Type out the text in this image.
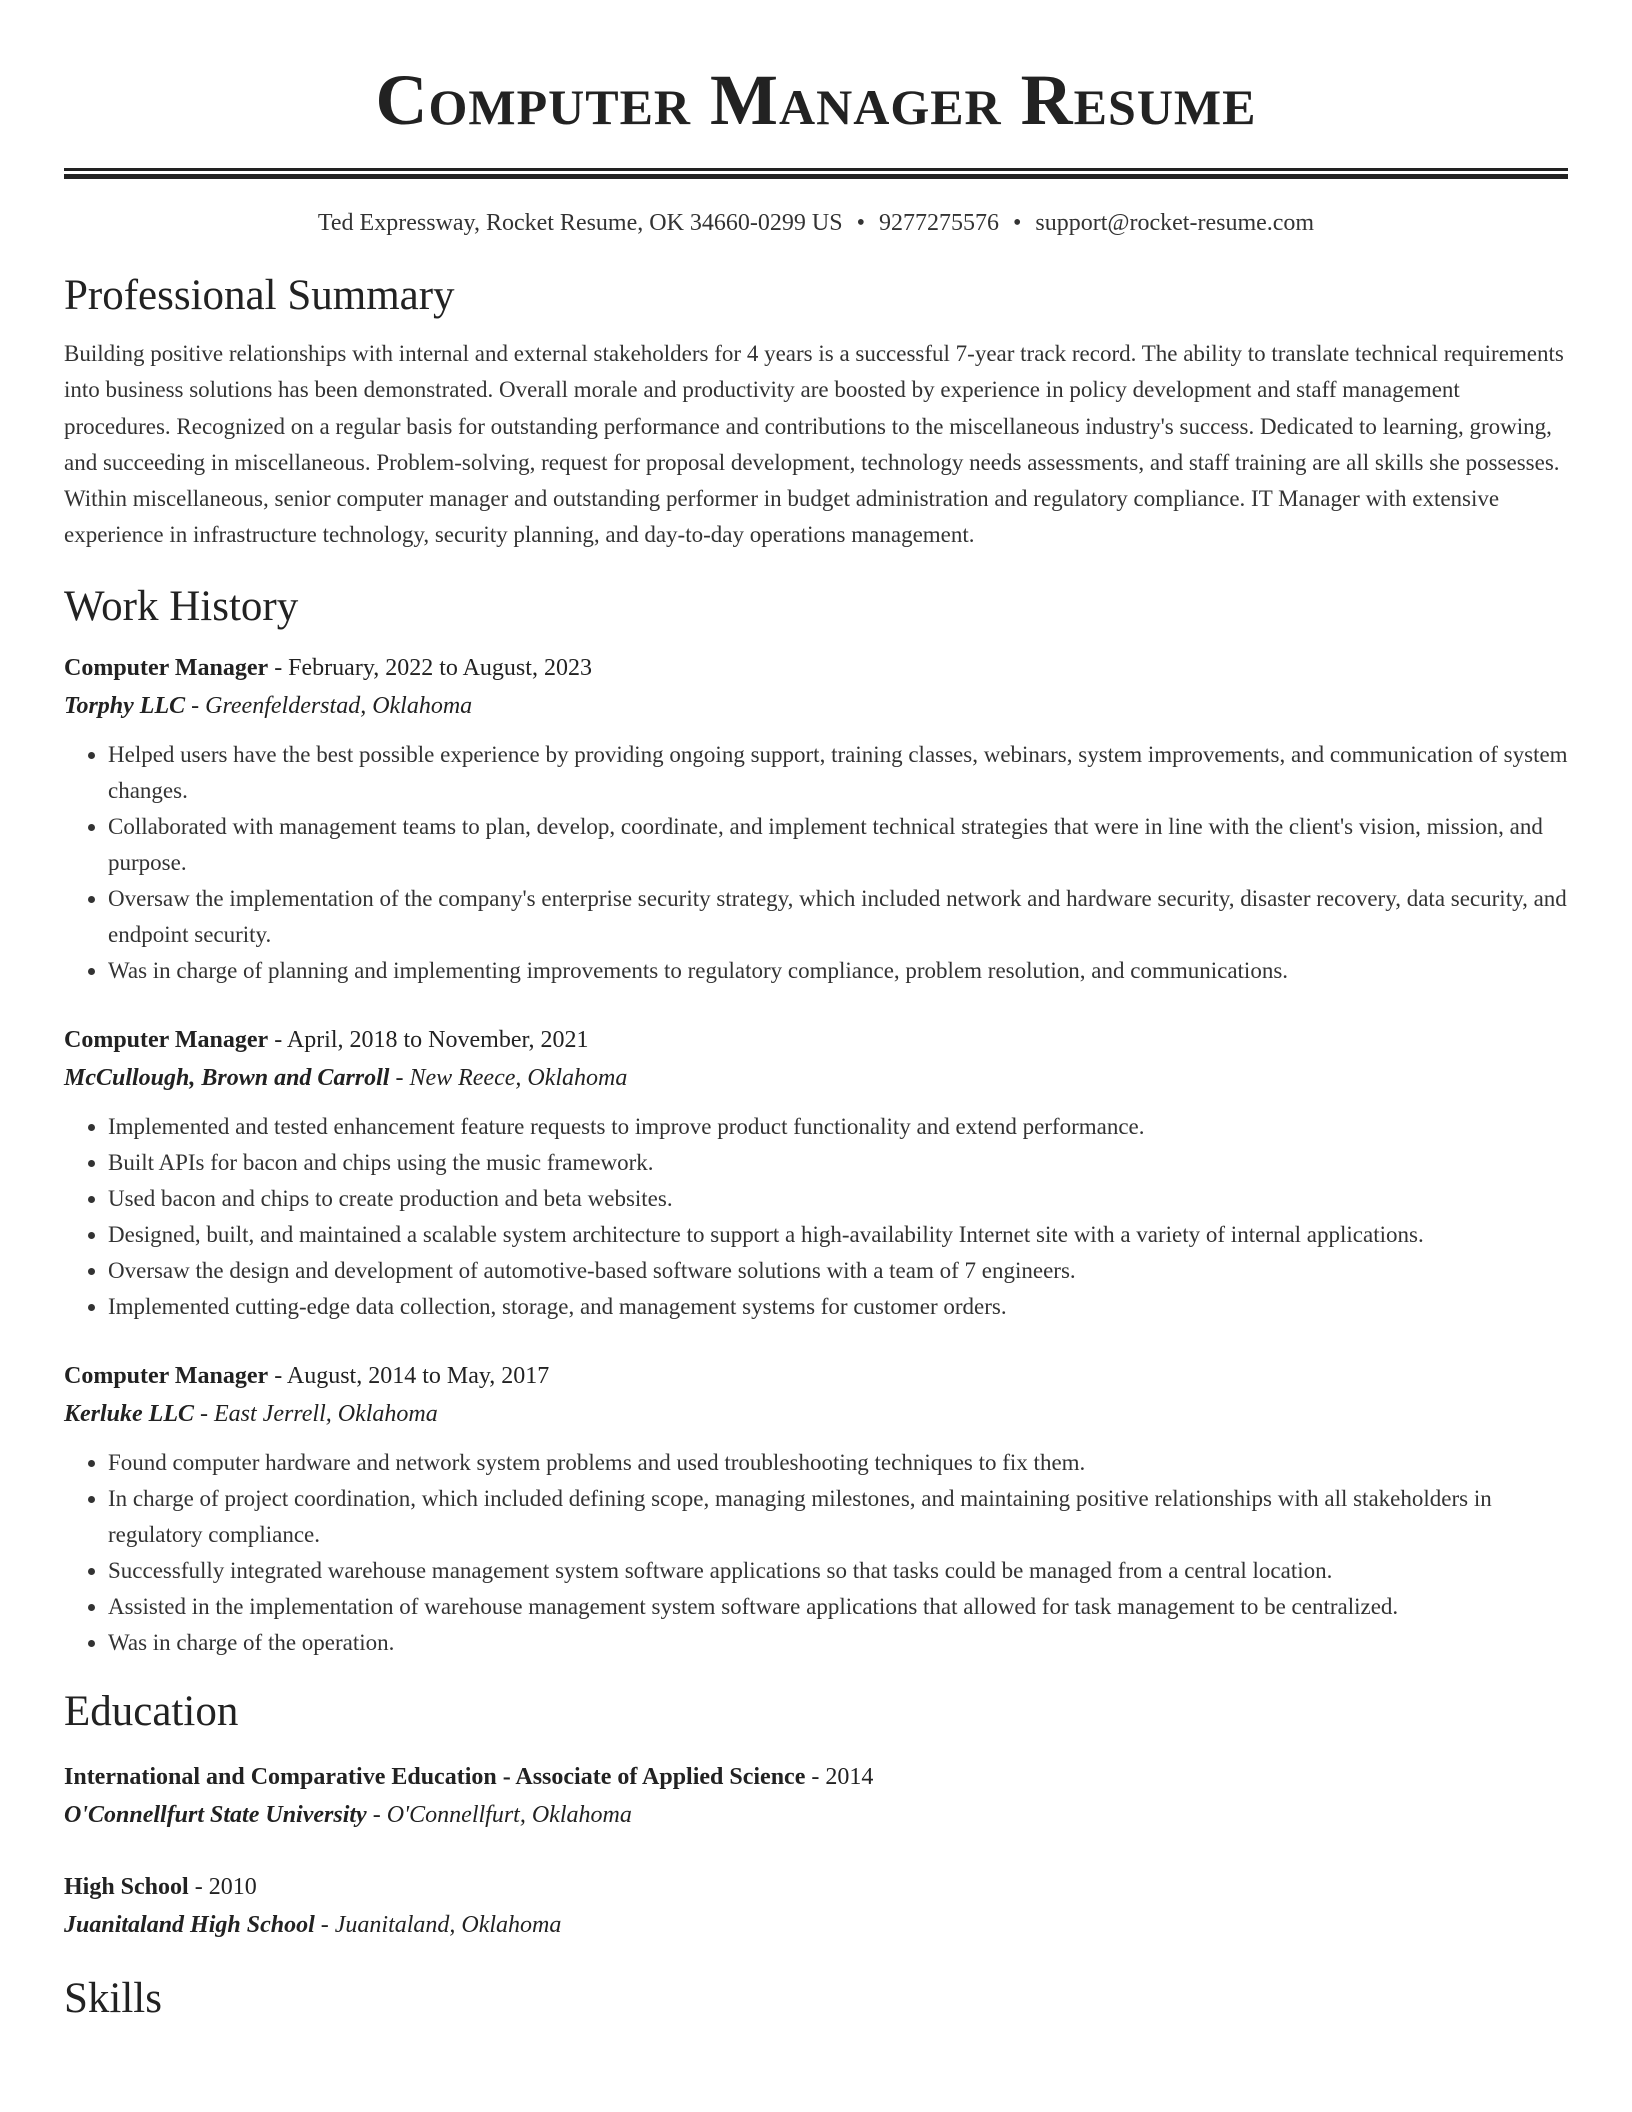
Computer Manager Resume
Ted Expressway, Rocket Resume, OK 34660-0299 US • 9277275576 • support@rocket-resume.com
Professional Summary

Building positive relationships with internal and external stakeholders for 4 years is a successful 7-year track record. The ability to translate technical requirements into business solutions has been demonstrated. Overall morale and productivity are boosted by experience in policy development and staff management procedures. Recognized on a regular basis for outstanding performance and contributions to the miscellaneous industry's success. Dedicated to learning, growing, and succeeding in miscellaneous. Problem-solving, request for proposal development, technology needs assessments, and staff training are all skills she possesses. Within miscellaneous, senior computer manager and outstanding performer in budget administration and regulatory compliance. IT Manager with extensive experience in infrastructure technology, security planning, and day-to-day operations management.

Work History
Computer Manager - February, 2022 to August, 2023
Torphy LLC - Greenfelderstad, Oklahoma
• Helped users have the best possible experience by providing ongoing support, training classes, webinars, system improvements, and communication of system changes.
• Collaborated with management teams to plan, develop, coordinate, and implement technical strategies that were in line with the client's vision, mission, and purpose.
• Oversaw the implementation of the company's enterprise security strategy, which included network and hardware security, disaster recovery, data security, and endpoint security.
• Was in charge of planning and implementing improvements to regulatory compliance, problem resolution, and communications.
Computer Manager - April, 2018 to November, 2021
McCullough, Brown and Carroll - New Reece, Oklahoma
• Implemented and tested enhancement feature requests to improve product functionality and extend performance.
• Built APIs for bacon and chips using the music framework.
• Used bacon and chips to create production and beta websites.
• Designed, built, and maintained a scalable system architecture to support a high-availability Internet site with a variety of internal applications.
• Oversaw the design and development of automotive-based software solutions with a team of 7 engineers.
• Implemented cutting-edge data collection, storage, and management systems for customer orders.
Computer Manager - August, 2014 to May, 2017
Kerluke LLC - East Jerrell, Oklahoma
• Found computer hardware and network system problems and used troubleshooting techniques to fix them.
• In charge of project coordination, which included defining scope, managing milestones, and maintaining positive relationships with all stakeholders in regulatory compliance.
• Successfully integrated warehouse management system software applications so that tasks could be managed from a central location.
• Assisted in the implementation of warehouse management system software applications that allowed for task management to be centralized.
• Was in charge of the operation.
Education
International and Comparative Education - Associate of Applied Science - 2014
O'Connellfurt State University - O'Connellfurt, Oklahoma
High School - 2010
Juanitaland High School - Juanitaland, Oklahoma
Skills
